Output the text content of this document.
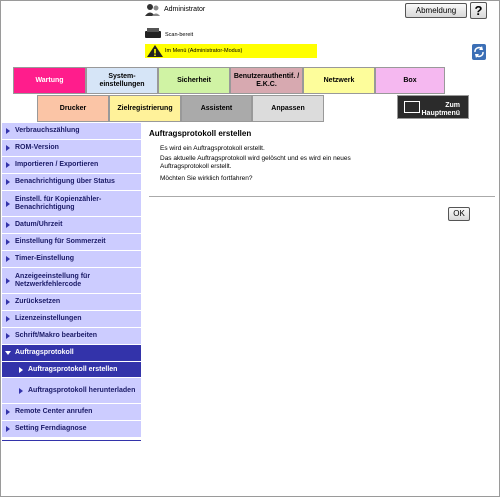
Administrator	Abmeldung	?
Scan-bereit
Im Menü (Administrator-Modus)
Wartung
System-
einstellungen
Sicherheit
Benutzerauthentif. /
E.K.C.
Netzwerk	Box
Drucker	Zielregistrierung	Assistent	Anpassen	Zum
Hauptmenü
Verbrauchszählung
ROM-Version
Importieren / Exportieren
Benachrichtigung über Status
Einstell. für Kopienzähler-Benachrichtigung
Datum/Uhrzeit
Einstellung für Sommerzeit
Timer-Einstellung
Anzeigeeinstellung für Netzwerkfehlercode
Zurücksetzen
Lizenzeinstellungen
Schrift/Makro bearbeiten
Auftragsprotokoll
Auftragsprotokoll erstellen
Auftragsprotokoll herunterladen
Remote Center anrufen
Setting Ferndiagnose
Auftragsprotokoll erstellen
Es wird ein Auftragsprotokoll erstellt.
Das aktuelle Auftragsprotokoll wird gelöscht und es wird ein neues Auftragsprotokoll erstellt.
Möchten Sie wirklich fortfahren?
OK
